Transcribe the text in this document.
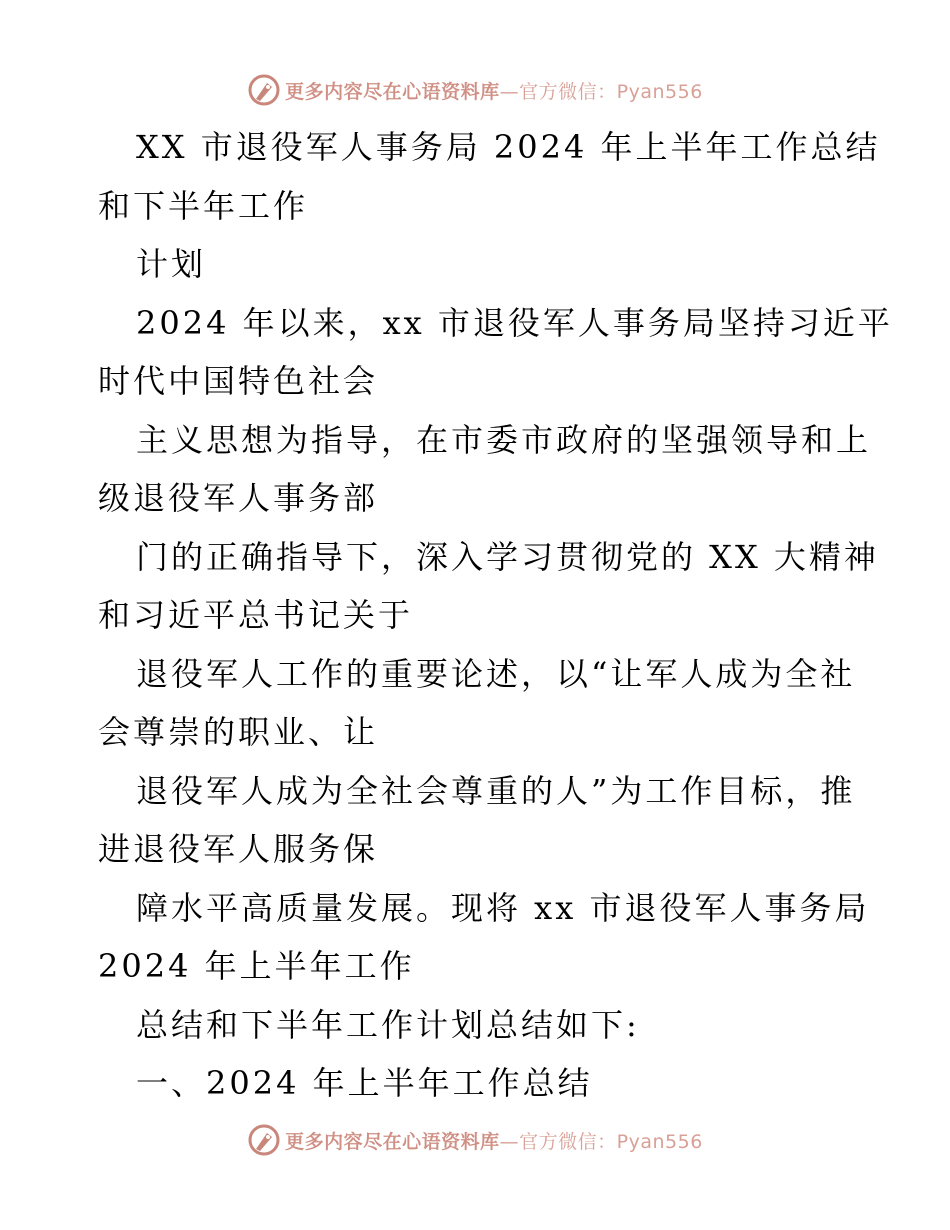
更多内容尽在心语资料库—官方微信：Pyan556
XX 市退役军人事务局 2024 年上半年工作总结
和下半年工作
计划
2024 年以来，xx 市退役军人事务局坚持习近平
时代中国特色社会
主义思想为指导，在市委市政府的坚强领导和上
级退役军人事务部
门的正确指导下，深入学习贯彻党的 XX 大精神
和习近平总书记关于
退役军人工作的重要论述，以“让军人成为全社
会尊崇的职业、让
退役军人成为全社会尊重的人”为工作目标，推
进退役军人服务保
障水平高质量发展。现将 xx 市退役军人事务局
2024 年上半年工作
总结和下半年工作计划总结如下:
一、2024 年上半年工作总结
更多内容尽在心语资料库—官方微信：Pyan556
